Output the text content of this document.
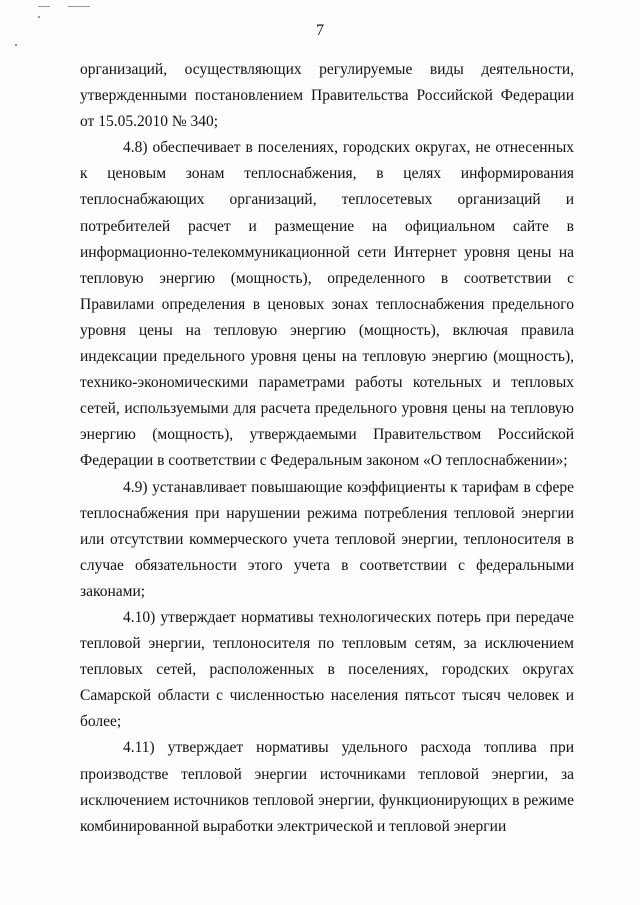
7

организаций, осуществляющих регулируемые виды деятельности, утвержденными постановлением Правительства Российской Федерации от 15.05.2010 № 340;

4.8) обеспечивает в поселениях, городских округах, не отнесенных к ценовым зонам теплоснабжения, в целях информирования теплоснабжающих организаций, теплосетевых организаций и потребителей расчет и размещение на официальном сайте в информационно-телекоммуникационной сети Интернет уровня цены на тепловую энергию (мощность), определенного в соответствии с Правилами определения в ценовых зонах теплоснабжения предельного уровня цены на тепловую энергию (мощность), включая правила индексации предельного уровня цены на тепловую энергию (мощность), технико-экономическими параметрами работы котельных и тепловых сетей, используемыми для расчета предельного уровня цены на тепловую энергию (мощность), утверждаемыми Правительством Российской Федерации в соответствии с Федеральным законом «О теплоснабжении»;

4.9) устанавливает повышающие коэффициенты к тарифам в сфере теплоснабжения при нарушении режима потребления тепловой энергии или отсутствии коммерческого учета тепловой энергии, теплоносителя в случае обязательности этого учета в соответствии с федеральными законами;

4.10) утверждает нормативы технологических потерь при передаче тепловой энергии, теплоносителя по тепловым сетям, за исключением тепловых сетей, расположенных в поселениях, городских округах Самарской области с численностью населения пятьсот тысяч человек и более;

4.11) утверждает нормативы удельного расхода топлива при производстве тепловой энергии источниками тепловой энергии, за исключением источников тепловой энергии, функционирующих в режиме комбинированной выработки электрической и тепловой энергии
